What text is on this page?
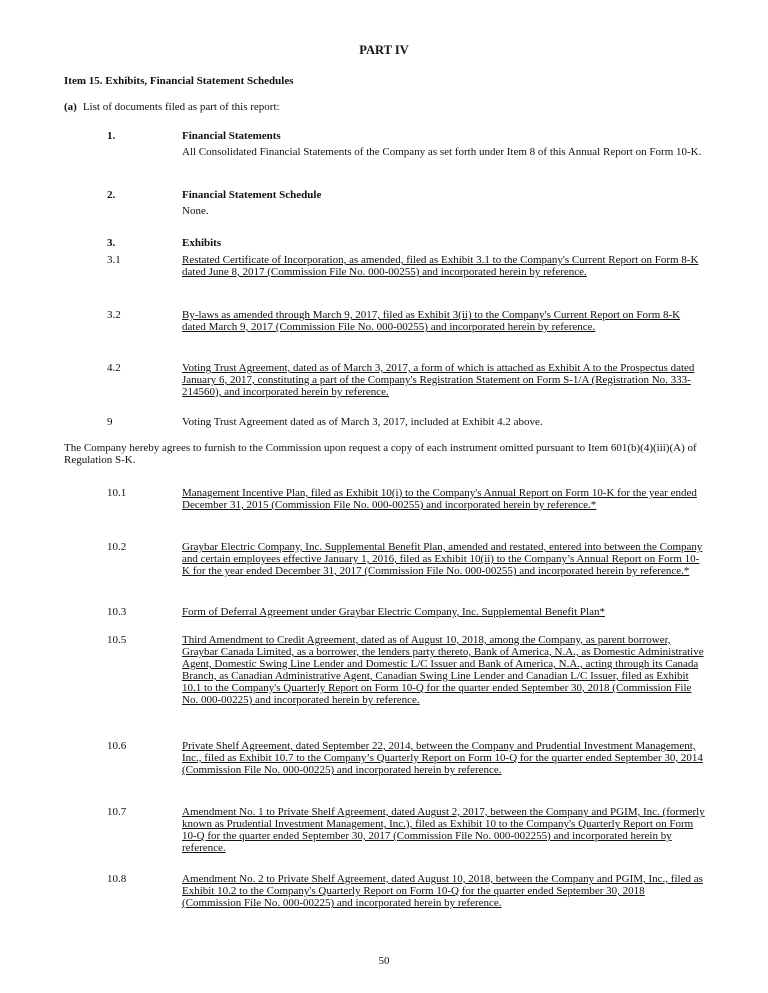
PART IV
Item 15. Exhibits, Financial Statement Schedules
(a) List of documents filed as part of this report:
1.	Financial Statements
All Consolidated Financial Statements of the Company as set forth under Item 8 of this Annual Report on Form 10-K.
2.	Financial Statement Schedule
None.
3.	Exhibits
3.1	Restated Certificate of Incorporation, as amended, filed as Exhibit 3.1 to the Company's Current Report on Form 8-K dated June 8, 2017 (Commission File No. 000-00255) and incorporated herein by reference.
3.2	By-laws as amended through March 9, 2017, filed as Exhibit 3(ii) to the Company's Current Report on Form 8-K dated March 9, 2017 (Commission File No. 000-00255) and incorporated herein by reference.
4.2	Voting Trust Agreement, dated as of March 3, 2017, a form of which is attached as Exhibit A to the Prospectus dated January 6, 2017, constituting a part of the Company's Registration Statement on Form S-1/A (Registration No. 333-214560), and incorporated herein by reference.
9	Voting Trust Agreement dated as of March 3, 2017, included at Exhibit 4.2 above.
The Company hereby agrees to furnish to the Commission upon request a copy of each instrument omitted pursuant to Item 601(b)(4)(iii)(A) of Regulation S-K.
10.1	Management Incentive Plan, filed as Exhibit 10(i) to the Company's Annual Report on Form 10-K for the year ended December 31, 2015 (Commission File No. 000-00255) and incorporated herein by reference.*
10.2	Graybar Electric Company, Inc. Supplemental Benefit Plan, amended and restated, entered into between the Company and certain employees effective January 1, 2016, filed as Exhibit 10(ii) to the Company’s Annual Report on Form 10-K for the year ended December 31, 2017 (Commission File No. 000-00255) and incorporated herein by reference.*
10.3	Form of Deferral Agreement under Graybar Electric Company, Inc. Supplemental Benefit Plan*
10.5	Third Amendment to Credit Agreement, dated as of August 10, 2018, among the Company, as parent borrower, Graybar Canada Limited, as a borrower, the lenders party thereto, Bank of America, N.A., as Domestic Administrative Agent, Domestic Swing Line Lender and Domestic L/C Issuer and Bank of America, N.A., acting through its Canada Branch, as Canadian Administrative Agent, Canadian Swing Line Lender and Canadian L/C Issuer, filed as Exhibit 10.1 to the Company's Quarterly Report on Form 10-Q for the quarter ended September 30, 2018 (Commission File No. 000-00225) and incorporated herein by reference.
10.6	Private Shelf Agreement, dated September 22, 2014, between the Company and Prudential Investment Management, Inc., filed as Exhibit 10.7 to the Company’s Quarterly Report on Form 10-Q for the quarter ended September 30, 2014 (Commission File No. 000-00225) and incorporated herein by reference.
10.7	Amendment No. 1 to Private Shelf Agreement, dated August 2, 2017, between the Company and PGIM, Inc. (formerly known as Prudential Investment Management, Inc.), filed as Exhibit 10 to the Company's Quarterly Report on Form 10-Q for the quarter ended September 30, 2017 (Commission File No. 000-002255) and incorporated herein by reference.
10.8	Amendment No. 2 to Private Shelf Agreement, dated August 10, 2018, between the Company and PGIM, Inc., filed as Exhibit 10.2 to the Company's Quarterly Report on Form 10-Q for the quarter ended September 30, 2018 (Commission File No. 000-00225) and incorporated herein by reference.
50
